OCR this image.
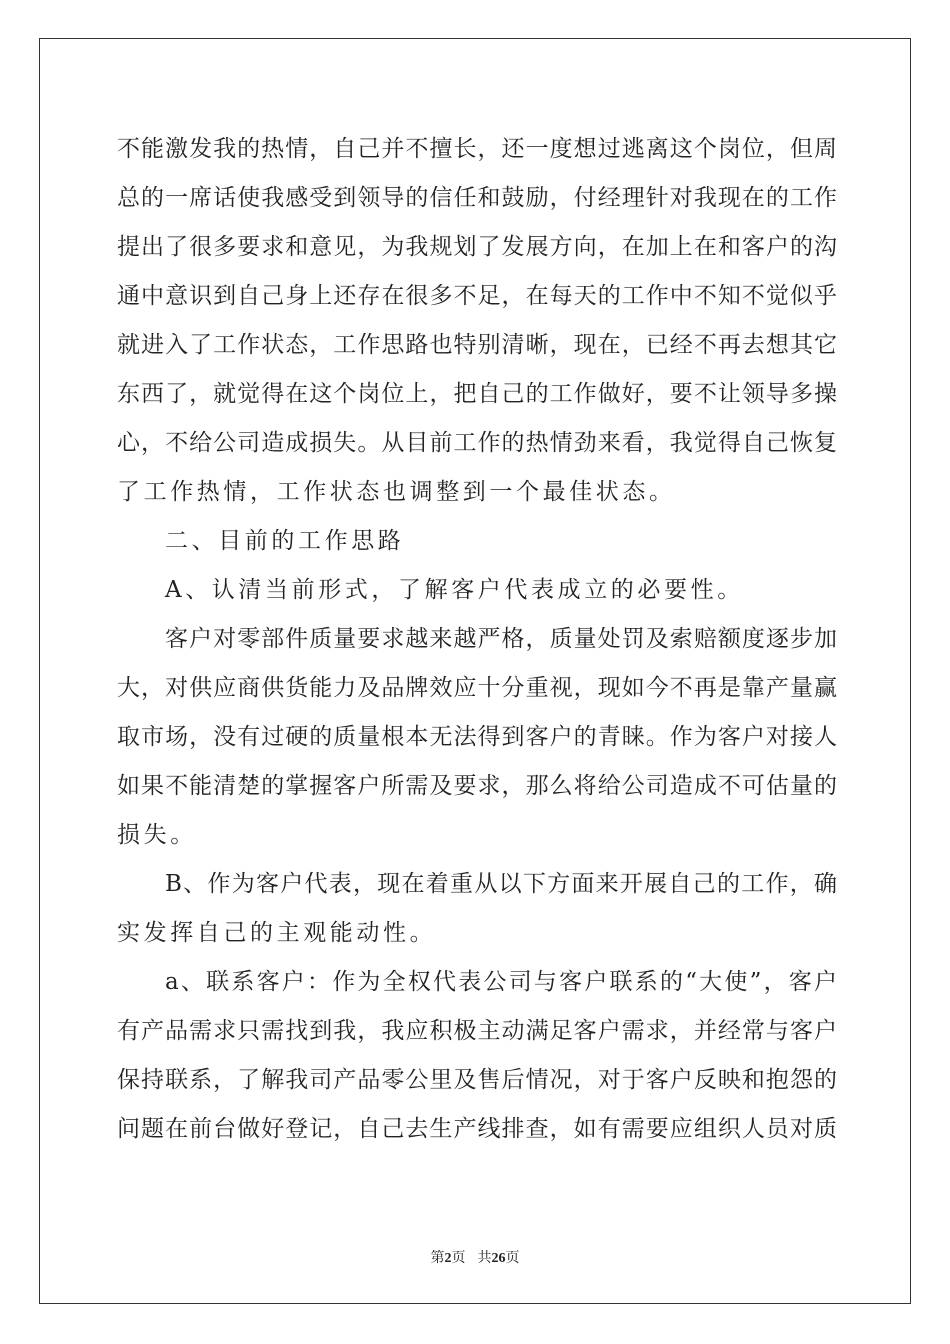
不能激发我的热情，自己并不擅长，还一度想过逃离这个岗位，但周
总的一席话使我感受到领导的信任和鼓励，付经理针对我现在的工作
提出了很多要求和意见，为我规划了发展方向，在加上在和客户的沟
通中意识到自己身上还存在很多不足，在每天的工作中不知不觉似乎
就进入了工作状态，工作思路也特别清晰，现在，已经不再去想其它
东西了，就觉得在这个岗位上，把自己的工作做好，要不让领导多操
心，不给公司造成损失。从目前工作的热情劲来看，我觉得自己恢复
了工作热情，工作状态也调整到一个最佳状态。
二、目前的工作思路
A、认清当前形式，了解客户代表成立的必要性。
客户对零部件质量要求越来越严格，质量处罚及索赔额度逐步加
大，对供应商供货能力及品牌效应十分重视，现如今不再是靠产量赢
取市场，没有过硬的质量根本无法得到客户的青睐。作为客户对接人
如果不能清楚的掌握客户所需及要求，那么将给公司造成不可估量的
损失。
B、作为客户代表，现在着重从以下方面来开展自己的工作，确
实发挥自己的主观能动性。
a、联系客户：作为全权代表公司与客户联系的“大使”，客户
有产品需求只需找到我，我应积极主动满足客户需求，并经常与客户
保持联系，了解我司产品零公里及售后情况，对于客户反映和抱怨的
问题在前台做好登记，自己去生产线排查，如有需要应组织人员对质
第2页 共26页
